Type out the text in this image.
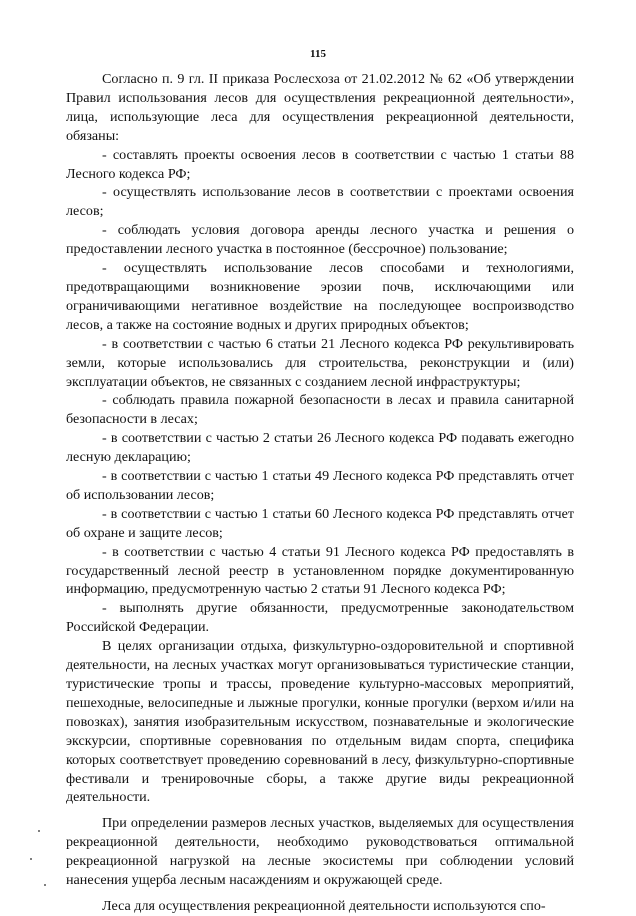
115

Согласно п. 9 гл. II приказа Рослесхоза от 21.02.2012 № 62 «Об утверждении Правил использования лесов для осуществления рекреационной деятельности», лица, использующие леса для осуществления рекреационной деятельности, обязаны:

- составлять проекты освоения лесов в соответствии с частью 1 статьи 88 Лесного кодекса РФ;

- осуществлять использование лесов в соответствии с проектами освоения лесов;

- соблюдать условия договора аренды лесного участка и решения о предоставлении лесного участка в постоянное (бессрочное) пользование;

- осуществлять использование лесов способами и технологиями, предотвращающими возникновение эрозии почв, исключающими или ограничивающими негативное воздействие на последующее воспроизводство лесов, а также на состояние водных и других природных объектов;

- в соответствии с частью 6 статьи 21 Лесного кодекса РФ рекультивировать земли, которые использовались для строительства, реконструкции и (или) эксплуатации объектов, не связанных с созданием лесной инфраструктуры;

- соблюдать правила пожарной безопасности в лесах и правила санитарной безопасности в лесах;

- в соответствии с частью 2 статьи 26 Лесного кодекса РФ подавать ежегодно лесную декларацию;

- в соответствии с частью 1 статьи 49 Лесного кодекса РФ представлять отчет об использовании лесов;

- в соответствии с частью 1 статьи 60 Лесного кодекса РФ представлять отчет об охране и защите лесов;

- в соответствии с частью 4 статьи 91 Лесного кодекса РФ предоставлять в государственный лесной реестр в установленном порядке документированную информацию, предусмотренную частью 2 статьи 91 Лесного кодекса РФ;

- выполнять другие обязанности, предусмотренные законодательством Российской Федерации.

В целях организации отдыха, физкультурно-оздоровительной и спортивной деятельности, на лесных участках могут организовываться туристические станции, туристические тропы и трассы, проведение культурно-массовых мероприятий, пешеходные, велосипедные и лыжные прогулки, конные прогулки (верхом и/или на повозках), занятия изобразительным искусством, познавательные и экологические экскурсии, спортивные соревнования по отдельным видам спорта, специфика которых соответствует проведению соревнований в лесу, физкультурно-спортивные фестивали и тренировочные сборы, а также другие виды рекреационной деятельности.

При определении размеров лесных участков, выделяемых для осуществления рекреационной деятельности, необходимо руководствоваться оптимальной рекреационной нагрузкой на лесные экосистемы при соблюдении условий нанесения ущерба лесным насаждениям и окружающей среде.

Леса для осуществления рекреационной деятельности используются спо-
